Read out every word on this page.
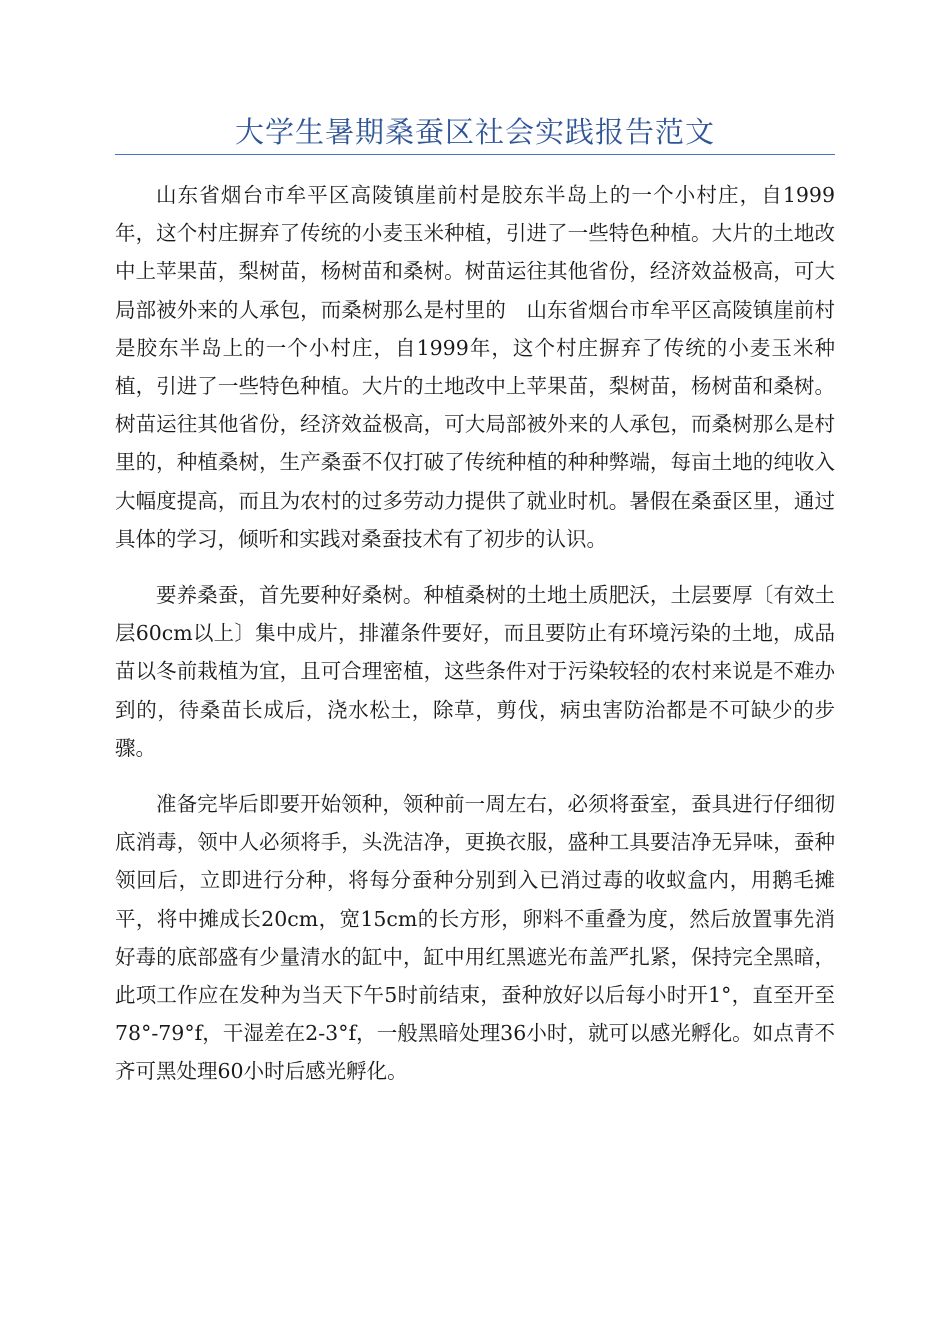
大学生暑期桑蚕区社会实践报告范文

山东省烟台市牟平区高陵镇崖前村是胶东半岛上的一个小村庄，自1999年，这个村庄摒弃了传统的小麦玉米种植，引进了一些特色种植。大片的土地改中上苹果苗，梨树苗，杨树苗和桑树。树苗运往其他省份，经济效益极高，可大局部被外来的人承包，而桑树那么是村里的　山东省烟台市牟平区高陵镇崖前村是胶东半岛上的一个小村庄，自1999年，这个村庄摒弃了传统的小麦玉米种植，引进了一些特色种植。大片的土地改中上苹果苗，梨树苗，杨树苗和桑树。树苗运往其他省份，经济效益极高，可大局部被外来的人承包，而桑树那么是村里的，种植桑树，生产桑蚕不仅打破了传统种植的种种弊端，每亩土地的纯收入大幅度提高，而且为农村的过多劳动力提供了就业时机。暑假在桑蚕区里，通过具体的学习，倾听和实践对桑蚕技术有了初步的认识。

要养桑蚕，首先要种好桑树。种植桑树的土地土质肥沃，土层要厚〔有效土层60cm以上〕集中成片，排灌条件要好，而且要防止有环境污染的土地，成品苗以冬前栽植为宜，且可合理密植，这些条件对于污染较轻的农村来说是不难办到的，待桑苗长成后，浇水松土，除草，剪伐，病虫害防治都是不可缺少的步骤。

准备完毕后即要开始领种，领种前一周左右，必须将蚕室，蚕具进行仔细彻底消毒，领中人必须将手，头洗洁净，更换衣服，盛种工具要洁净无异味，蚕种领回后，立即进行分种，将每分蚕种分别到入已消过毒的收蚁盒内，用鹅毛摊平，将中摊成长20cm，宽15cm的长方形，卵料不重叠为度，然后放置事先消好毒的底部盛有少量清水的缸中，缸中用红黑遮光布盖严扎紧，保持完全黑暗，此项工作应在发种为当天下午5时前结束，蚕种放好以后每小时开1°，直至开至78°-79°f，干湿差在2-3°f，一般黑暗处理36小时，就可以感光孵化。如点青不齐可黑处理60小时后感光孵化。
